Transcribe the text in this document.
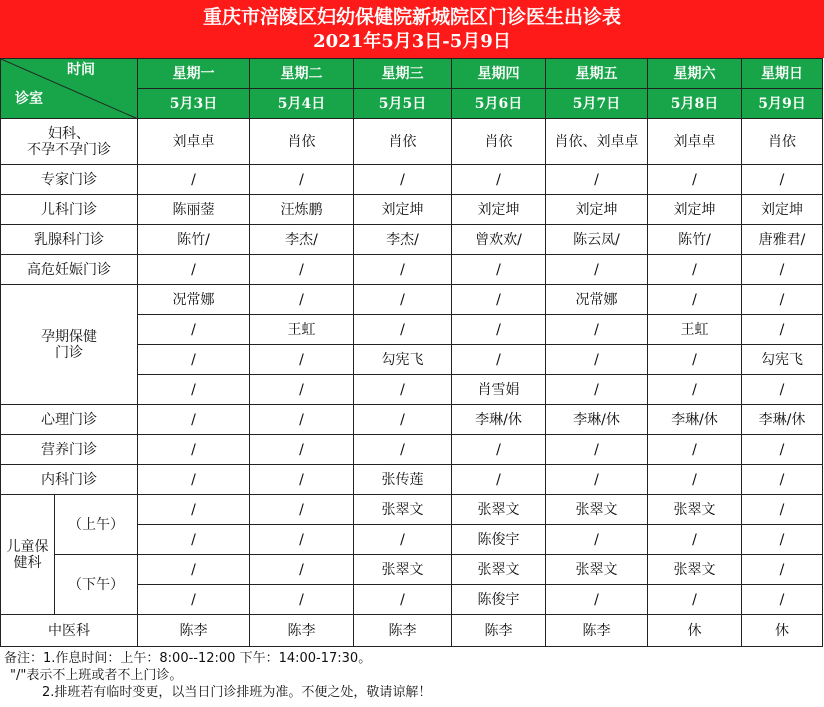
重庆市涪陵区妇幼保健院新城院区门诊医生出诊表
2021年5月3日-5月9日
时间
诊室		星期一	星期二	星期三	星期四	星期五	星期六	星期日
		5月3日	5月4日	5月5日	5月6日	5月7日	5月8日	5月9日

妇科、
不孕不孕门诊		刘卓卓	肖依	肖依	肖依	肖依、刘卓卓	刘卓卓	肖依
专家门诊		/	/	/	/	/	/	/
儿科门诊		陈丽蓥	汪炼鹏	刘定坤	刘定坤	刘定坤	刘定坤	刘定坤
乳腺科门诊		陈竹/	李杰/	李杰/	曾欢欢/	陈云凤/	陈竹/	唐雅君/
高危妊娠门诊		/	/	/	/	/	/	/

孕期保健
门诊		况常娜	/	/	/	况常娜	/	/
		/	王虹	/	/	/	王虹	/
		/	/	勾宪飞	/	/	/	勾宪飞
		/	/	/	肖雪娟	/	/	/
心理门诊		/	/	/	李琳/休	李琳/休	李琳/休	李琳/休
营养门诊		/	/	/	/	/	/	/
内科门诊		/	/	张传莲	/	/	/	/

儿童保
健科	（上午）	/	/	张翠文	张翠文	张翠文	张翠文	/
		/	/	/	陈俊宇	/	/	/
	（下午）	/	/	张翠文	张翠文	张翠文	张翠文	/
		/	/	/	陈俊宇	/	/	/
中医科		陈李	陈李	陈李	陈李	陈李	休	休
备注：1.作息时间：上午：8:00--12:00 下午：14:00-17:30。
"/"表示不上班或者不上门诊。
2.排班若有临时变更，以当日门诊排班为准。不便之处，敬请谅解！
